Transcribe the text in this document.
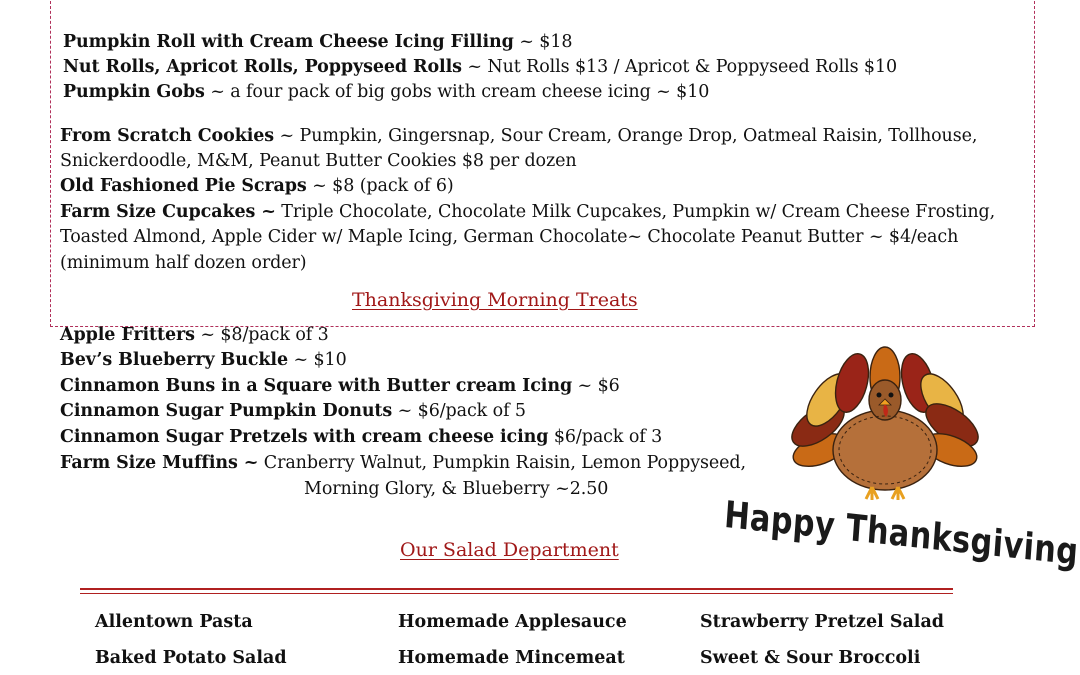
Pumpkin Roll with Cream Cheese Icing Filling ~ $18
Nut Rolls, Apricot Rolls, Poppyseed Rolls ~ Nut Rolls $13 / Apricot & Poppyseed Rolls $10
Pumpkin Gobs ~ a four pack of big gobs with cream cheese icing ~ $10
From Scratch Cookies ~ Pumpkin, Gingersnap, Sour Cream, Orange Drop, Oatmeal Raisin, Tollhouse,
Snickerdoodle, M&M, Peanut Butter Cookies $8 per dozen
Old Fashioned Pie Scraps ~ $8 (pack of 6)
Farm Size Cupcakes ~ Triple Chocolate, Chocolate Milk Cupcakes, Pumpkin w/ Cream Cheese Frosting,
Toasted Almond, Apple Cider w/ Maple Icing, German Chocolate~ Chocolate Peanut Butter ~ $4/each
(minimum half dozen order)
Thanksgiving Morning Treats
Apple Fritters ~ $8/pack of 3
Bev’s Blueberry Buckle ~ $10
Cinnamon Buns in a Square with Butter cream Icing ~ $6
Cinnamon Sugar Pumpkin Donuts ~ $6/pack of 5
Cinnamon Sugar Pretzels with cream cheese icing $6/pack of 3
Farm Size Muffins ~ Cranberry Walnut, Pumpkin Raisin, Lemon Poppyseed,
Morning Glory, & Blueberry ~2.50
Happy Thanksgiving
Our Salad Department
Allentown Pasta
Baked Potato Salad
Homemade Applesauce
Homemade Mincemeat
Strawberry Pretzel Salad
Sweet & Sour Broccoli
